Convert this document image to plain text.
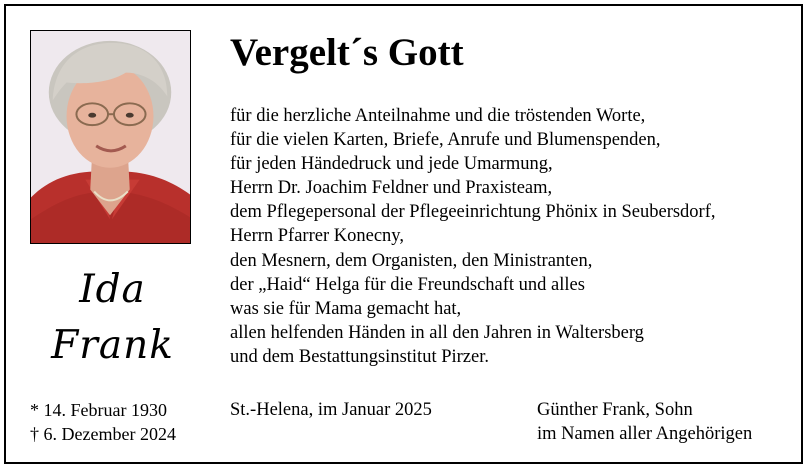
Ida
Frank
* 14. Februar 1930
† 6. Dezember 2024
Vergelt´s Gott
für die herzliche Anteilnahme und die tröstenden Worte,
für die vielen Karten, Briefe, Anrufe und Blumenspenden,
für jeden Händedruck und jede Umarmung,
Herrn Dr. Joachim Feldner und Praxisteam,
dem Pflegepersonal der Pflegeeinrichtung Phönix in Seubersdorf,
Herrn Pfarrer Konecny,
den Mesnern, dem Organisten, den Ministranten,
der „Haid“ Helga für die Freundschaft und alles
was sie für Mama gemacht hat,
allen helfenden Händen in all den Jahren in Waltersberg
und dem Bestattungsinstitut Pirzer.
St.-Helena, im Januar 2025	Günther Frank, Sohn
im Namen aller Angehörigen
